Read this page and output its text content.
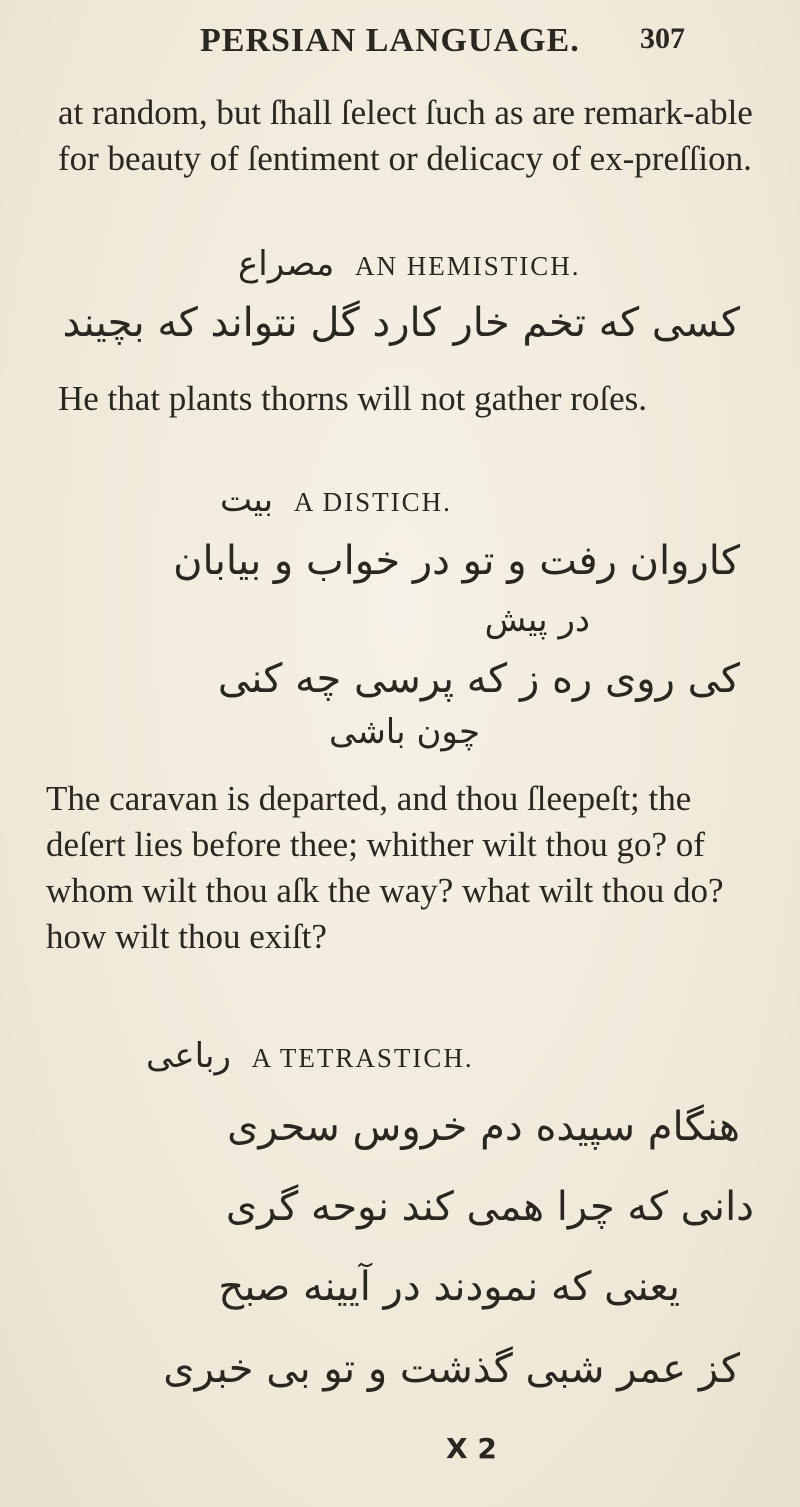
PERSIAN LANGUAGE.	307
at random, but ſhall ſelect ſuch as are remark-able for beauty of ſentiment or delicacy of ex-preſſion.
مصراع AN HEMISTICH.
كسى كه تخم خار كارد گل نتواند كه بچيند
He that plants thorns will not gather roſes.
بيت A DISTICH.
كاروان رفت و تو در خواب و بيابان
در پيش
كى روى ره ز كه پرسى چه كنى
چون باشى
The caravan is departed, and thou ſleepeſt; the deſert lies before thee; whither wilt thou go? of whom wilt thou aſk the way? what wilt thou do? how wilt thou exiſt?
رباعى A TETRASTICH.
هنگام سپيده دم خروس سحرى
دانى كه چرا همى كند نوحه گرى
يعنى كه نمودند در آيينه صبح
كز عمر شبى گذشت و تو بى خبرى
X 2
